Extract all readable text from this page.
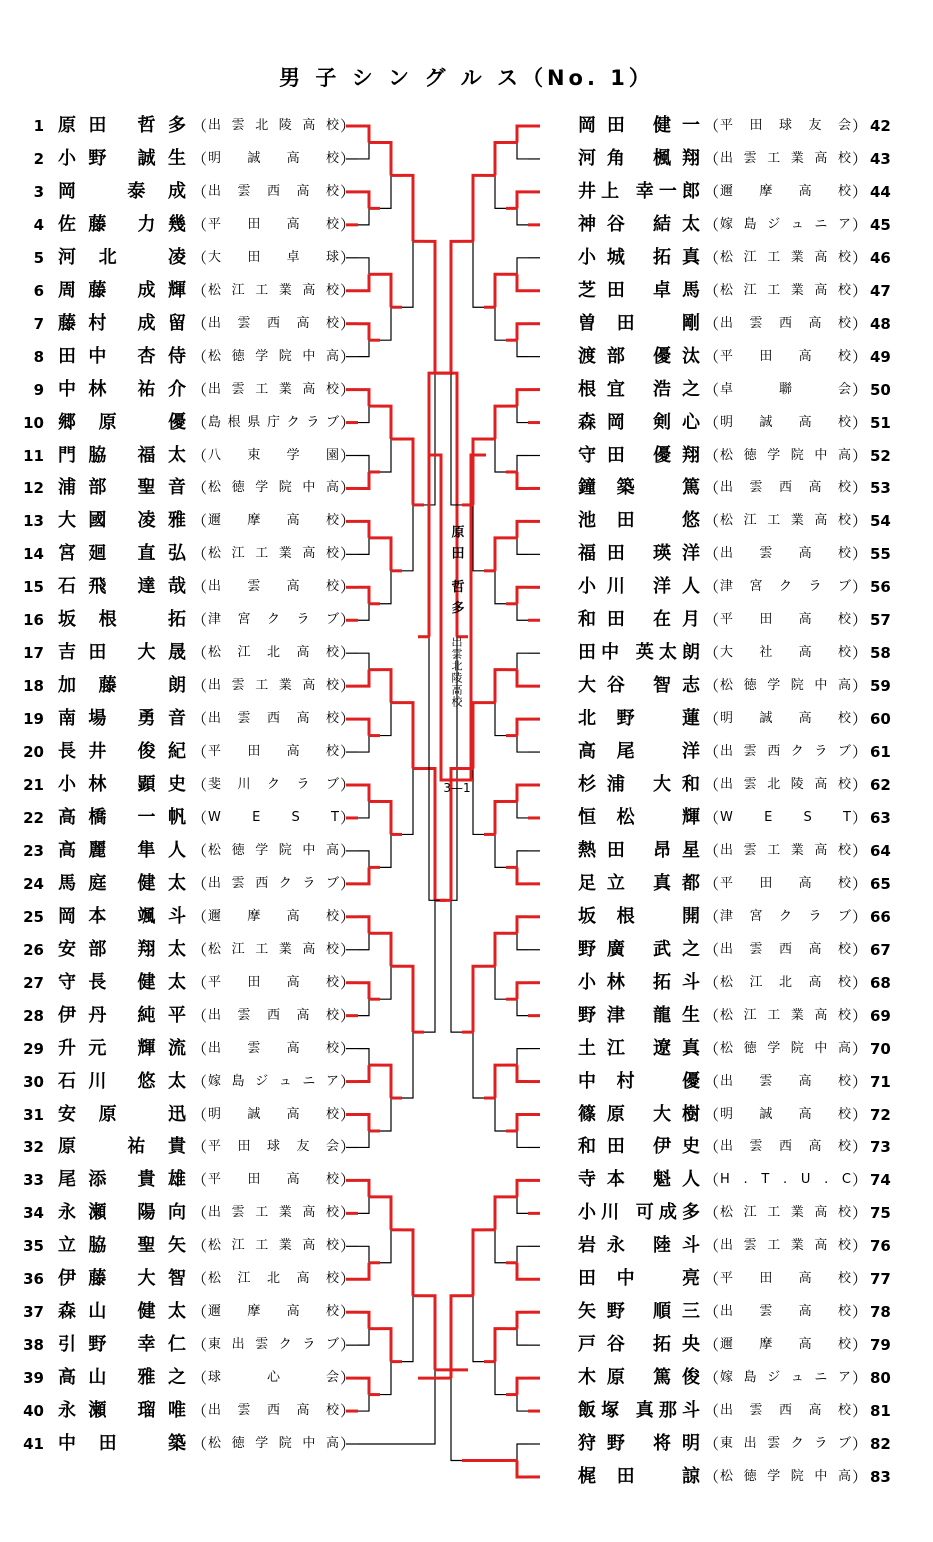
男 子 シ ン グ ル ス（No. 1）
1 原田 哲多 （ 出雲北陵高校 ）
2 小野 誠生 （ 明 誠 高 校 ）
3 岡 泰成 （ 出 雲 西 高 校 ）
4 佐藤 力幾 （ 平 田 高 校 ）
5 河北 凌 （ 大 田 卓 球 ）
6 周藤 成輝 （ 松江工業高校 ）
7 藤村 成留 （ 出 雲 西 高 校 ）
8 田中 杏侍 （ 松徳学院中高 ）
9 中林 祐介 （ 出雲工業高校 ）
10 郷原 優 （ 島根県庁クラブ ）
11 門脇 福太 （ 八 束 学 園 ）
12 浦部 聖音 （ 松徳学院中高 ）
13 大國 凌雅 （ 邇 摩 高 校 ）
14 宮廻 直弘 （ 松江工業高校 ）
15 石飛 達哉 （ 出 雲 高 校 ）
16 坂根 拓 （ 津 宮 ク ラ ブ ）
17 吉田 大晟 （ 松 江 北 高 校 ）
18 加藤 朗 （ 出雲工業高校 ）
19 南場 勇音 （ 出 雲 西 高 校 ）
20 長井 俊紀 （ 平 田 高 校 ）
21 小林 顕史 （ 斐 川 ク ラ ブ ）
22 高橋 一帆 （ W E S T ）
23 高麗 隼人 （ 松徳学院中高 ）
24 馬庭 健太 （ 出雲西クラブ ）
25 岡本 颯斗 （ 邇 摩 高 校 ）
26 安部 翔太 （ 松江工業高校 ）
27 守長 健太 （ 平 田 高 校 ）
28 伊丹 純平 （ 出 雲 西 高 校 ）
29 升元 輝流 （ 出 雲 高 校 ）
30 石川 悠太 （ 嫁島ジュニア ）
31 安原 迅 （ 明 誠 高 校 ）
32 原 祐貴 （ 平田球友会 ）
33 尾添 貴雄 （ 平 田 高 校 ）
34 永瀬 陽向 （ 出雲工業高校 ）
35 立脇 聖矢 （ 松江工業高校 ）
36 伊藤 大智 （ 松 江 北 高 校 ）
37 森山 健太 （ 邇 摩 高 校 ）
38 引野 幸仁 （ 東出雲クラブ ）
39 高山 雅之 （ 球 心 会 ）
40 永瀬 瑠唯 （ 出 雲 西 高 校 ）
41 中田 築 （ 松徳学院中高 ）
岡田 健一 （ 平田球友会 ） 42
河角 楓翔 （ 出雲工業高校 ） 43
井上 幸一郎 （ 邇 摩 高 校 ） 44
神谷 結太 （ 嫁島ジュニア ） 45
小城 拓真 （ 松江工業高校 ） 46
芝田 卓馬 （ 松江工業高校 ） 47
曽田 剛 （ 出 雲 西 高 校 ） 48
渡部 優汰 （ 平 田 高 校 ） 49
根宜 浩之 （ 卓 聯 会 ） 50
森岡 剣心 （ 明 誠 高 校 ） 51
守田 優翔 （ 松徳学院中高 ） 52
鐘築 篤 （ 出 雲 西 高 校 ） 53
池田 悠 （ 松江工業高校 ） 54
福田 瑛洋 （ 出 雲 高 校 ） 55
小川 洋人 （ 津 宮 ク ラ ブ ） 56
和田 在月 （ 平 田 高 校 ） 57
田中 英太朗 （ 大 社 高 校 ） 58
大谷 智志 （ 松徳学院中高 ） 59
北野 蓮 （ 明 誠 高 校 ） 60
高尾 洋 （ 出雲西クラブ ） 61
杉浦 大和 （ 出雲北陵高校 ） 62
恒松 輝 （ W E S T ） 63
熱田 昂星 （ 出雲工業高校 ） 64
足立 真都 （ 平 田 高 校 ） 65
坂根 開 （ 津 宮 ク ラ ブ ） 66
野廣 武之 （ 出 雲 西 高 校 ） 67
小林 拓斗 （ 松 江 北 高 校 ） 68
野津 龍生 （ 松江工業高校 ） 69
土江 遼真 （ 松徳学院中高 ） 70
中村 優 （ 出 雲 高 校 ） 71
篠原 大樹 （ 明 誠 高 校 ） 72
和田 伊史 （ 出 雲 西 高 校 ） 73
寺本 魁人 （ H . T . U . C ） 74
小川 可成多 （ 松江工業高校 ） 75
岩永 陸斗 （ 出雲工業高校 ） 76
田中 亮 （ 平 田 高 校 ） 77
矢野 順三 （ 出 雲 高 校 ） 78
戸谷 拓央 （ 邇 摩 高 校 ） 79
木原 篤俊 （ 嫁島ジュニア ） 80
飯塚 真那斗 （ 出 雲 西 高 校 ） 81
狩野 将明 （ 東出雲クラブ ） 82
梶田 諒 （ 松徳学院中高 ） 83
原田 哲多
出雲北陵高校
3—1
